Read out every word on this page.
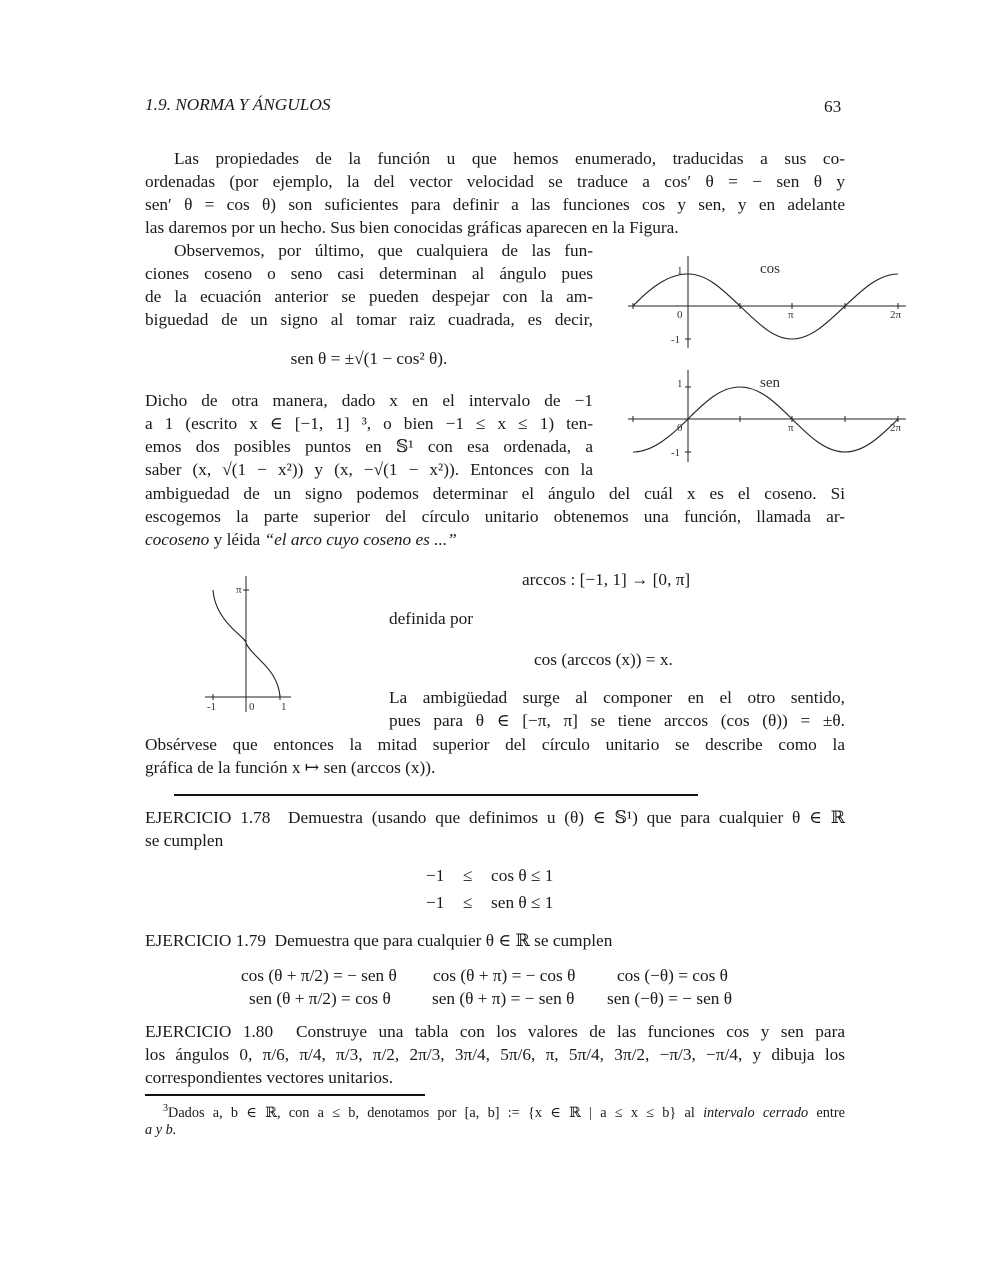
1.9. NORMA Y ÁNGULOS	63
Las propiedades de la función u que hemos enumerado, traducidas a sus co-
ordenadas (por ejemplo, la del vector velocidad se traduce a cos′ θ = − sen θ y
sen′ θ = cos θ) son suficientes para definir a las funciones cos y sen, y en adelante
las daremos por un hecho. Sus bien conocidas gráficas aparecen en la Figura.
Observemos, por último, que cualquiera de las fun-
ciones coseno o seno casi determinan al ángulo pues
de la ecuación anterior se pueden despejar con la am-
biguedad de un signo al tomar raiz cuadrada, es decir,
sen θ = ±√(1 − cos² θ).
Dicho de otra manera, dado x en el intervalo de −1
a 1 (escrito x ∈ [−1, 1] ³, o bien −1 ≤ x ≤ 1) ten-
emos dos posibles puntos en 𝕊¹ con esa ordenada, a
saber (x, √(1 − x²)) y (x, −√(1 − x²)). Entonces con la
ambiguedad de un signo podemos determinar el ángulo del cuál x es el coseno. Si
escogemos la parte superior del círculo unitario obtenemos una función, llamada ar-
cocoseno y léida “el arco cuyo coseno es ...”
cos
1
-1
0	π	2π
sen
1
-1
0	π	2π
π
-1	0 1
arccos : [−1, 1] → [0, π]
definida por
cos (arccos (x)) = x.
La ambigüedad surge al componer en el otro sentido,
pues para θ ∈ [−π, π] se tiene arccos (cos (θ)) = ±θ.
Obsérvese que entonces la mitad superior del círculo unitario se describe como la
gráfica de la función x ↦ sen (arccos (x)).
EJERCICIO 1.78 Demuestra (usando que definimos u (θ) ∈ 𝕊¹) que para cualquier θ ∈ ℝ
se cumplen
−1 ≤ cos θ ≤ 1
−1 ≤ sen θ ≤ 1
EJERCICIO 1.79 Demuestra que para cualquier θ ∈ ℝ se cumplen
cos (θ + π/2) = − sen θ cos (θ + π) = − cos θ cos (−θ) = cos θ
sen (θ + π/2) = cos θ sen (θ + π) = − sen θ sen (−θ) = − sen θ
EJERCICIO 1.80 Construye una tabla con los valores de las funciones cos y sen para
los ángulos 0, π/6, π/4, π/3, π/2, 2π/3, 3π/4, 5π/6, π, 5π/4, 3π/2, −π/3, −π/4, y dibuja los
correspondientes vectores unitarios.
$^3$Dados a, b ∈ ℝ, con a ≤ b, denotamos por [a, b] := {x ∈ ℝ | a ≤ x ≤ b} al intervalo cerrado entre
a y b.
